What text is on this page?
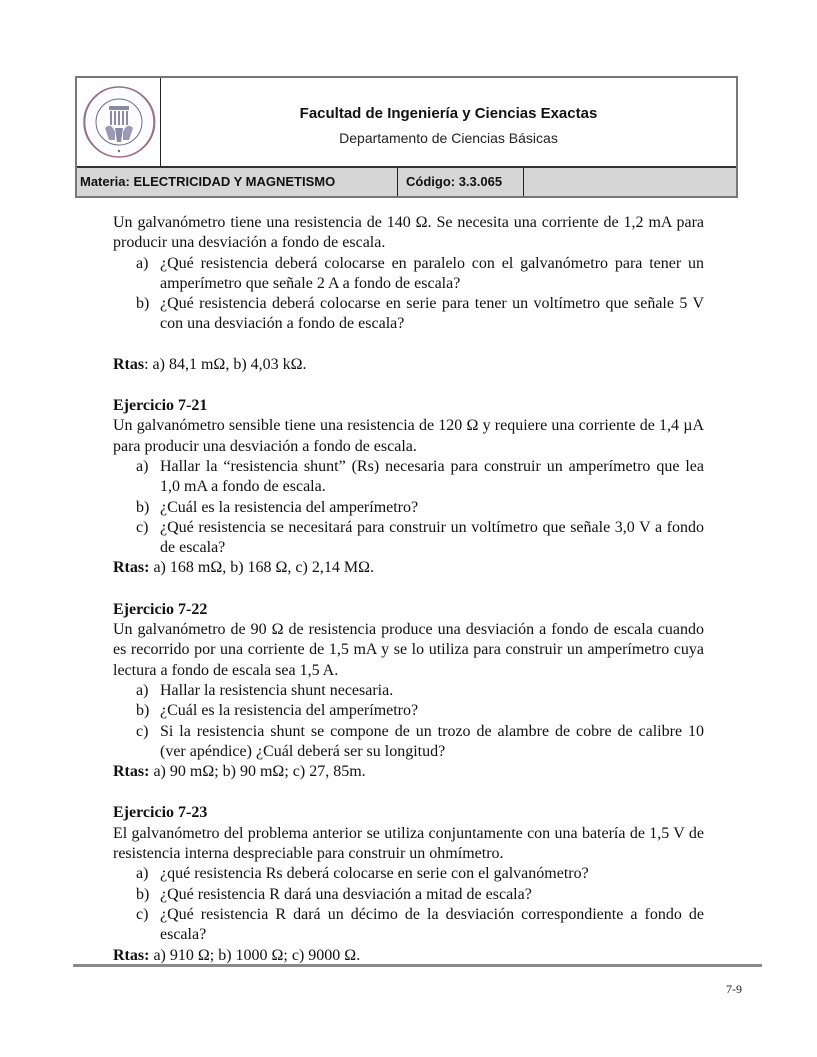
Facultad de Ingeniería y Ciencias Exactas
Departamento de Ciencias Básicas
Materia: ELECTRICIDAD Y MAGNETISMO	Código: 3.3.065

Un galvanómetro tiene una resistencia de 140 Ω. Se necesita una corriente de 1,2 mA para producir una desviación a fondo de escala.

a) ¿Qué resistencia deberá colocarse en paralelo con el galvanómetro para tener un amperímetro que señale 2 A a fondo de escala?
b) ¿Qué resistencia deberá colocarse en serie para tener un voltímetro que señale 5 V con una desviación a fondo de escala?

Rtas: a) 84,1 mΩ, b) 4,03 kΩ.

Ejercicio 7-21

Un galvanómetro sensible tiene una resistencia de 120 Ω y requiere una corriente de 1,4 µA para producir una desviación a fondo de escala.

a) Hallar la “resistencia shunt” (Rs) necesaria para construir un amperímetro que lea 1,0 mA a fondo de escala.
b) ¿Cuál es la resistencia del amperímetro?
c) ¿Qué resistencia se necesitará para construir un voltímetro que señale 3,0 V a fondo de escala?

Rtas: a) 168 mΩ, b) 168 Ω, c) 2,14 MΩ.

Ejercicio 7-22

Un galvanómetro de 90 Ω de resistencia produce una desviación a fondo de escala cuando es recorrido por una corriente de 1,5 mA y se lo utiliza para construir un amperímetro cuya lectura a fondo de escala sea 1,5 A.

a) Hallar la resistencia shunt necesaria.
b) ¿Cuál es la resistencia del amperímetro?
c) Si la resistencia shunt se compone de un trozo de alambre de cobre de calibre 10 (ver apéndice) ¿Cuál deberá ser su longitud?

Rtas: a) 90 mΩ; b) 90 mΩ; c) 27, 85m.

Ejercicio 7-23

El galvanómetro del problema anterior se utiliza conjuntamente con una batería de 1,5 V de resistencia interna despreciable para construir un ohmímetro.

a) ¿qué resistencia Rs deberá colocarse en serie con el galvanómetro?
b) ¿Qué resistencia R dará una desviación a mitad de escala?
c) ¿Qué resistencia R dará un décimo de la desviación correspondiente a fondo de escala?

Rtas: a) 910 Ω; b) 1000 Ω; c) 9000 Ω.

7-9
